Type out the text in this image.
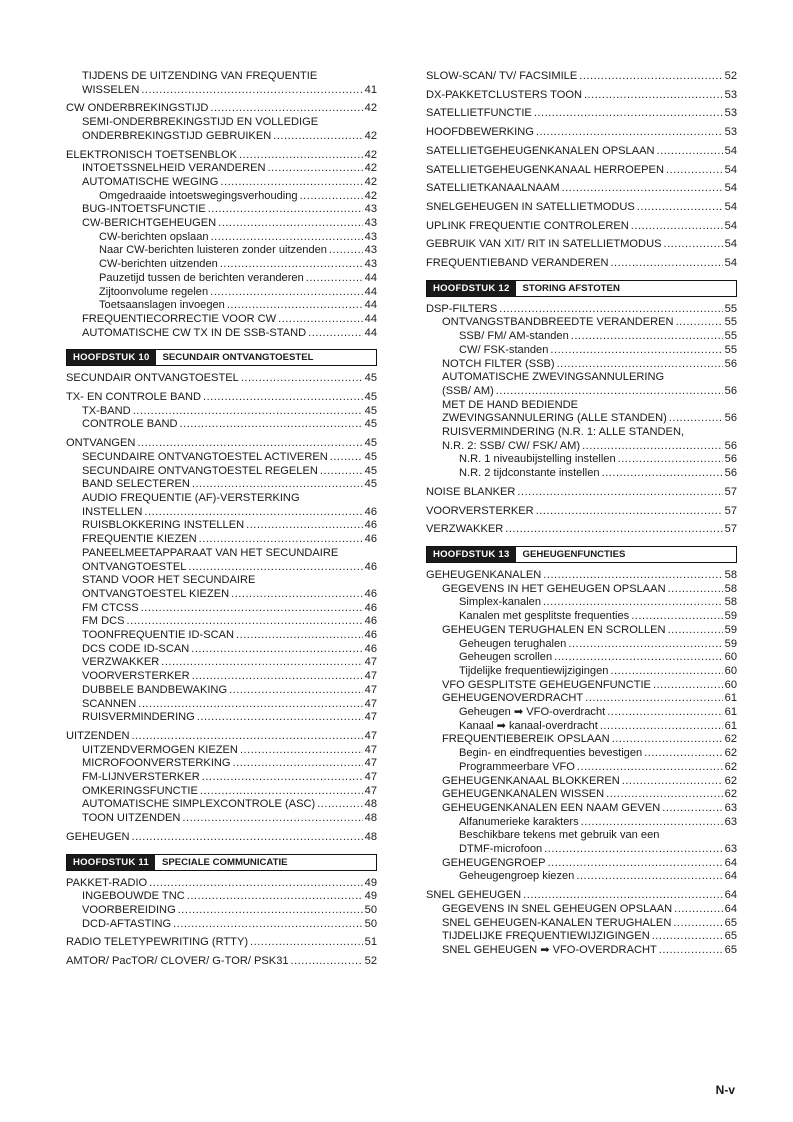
TIJDENS DE UITZENDING VAN FREQUENTIE
WISSELEN .....	41
CW ONDERBREKINGSTIJD .....	42
SEMI-ONDERBREKINGSTIJD EN VOLLEDIGE
ONDERBREKINGSTIJD GEBRUIKEN .....	42
ELEKTRONISCH TOETSENBLOK .....	42
INTOETSSNELHEID VERANDEREN .....	42
AUTOMATISCHE WEGING .....	42
Omgedraaide intoetswegingsverhouding .....	42
BUG-INTOETSFUNCTIE .....	43
CW-BERICHTGEHEUGEN .....	43
CW-berichten opslaan .....	43
Naar CW-berichten luisteren zonder uitzenden .....	43
CW-berichten uitzenden .....	43
Pauzetijd tussen de berichten veranderen .....	44
Zijtoonvolume regelen .....	44
Toetsaanslagen invoegen .....	44
FREQUENTIECORRECTIE VOOR CW .....	44
AUTOMATISCHE CW TX IN DE SSB-STAND .....	44
HOOFDSTUK 10	SECUNDAIR ONTVANGTOESTEL
SECUNDAIR ONTVANGTOESTEL .....	45
TX- EN CONTROLE BAND .....	45
TX-BAND .....	45
CONTROLE BAND .....	45
ONTVANGEN .....	45
SECUNDAIRE ONTVANGTOESTEL ACTIVEREN .....	45
SECUNDAIRE ONTVANGTOESTEL REGELEN .....	45
BAND SELECTEREN .....	45
AUDIO FREQUENTIE (AF)-VERSTERKING
INSTELLEN .....	46
RUISBLOKKERING INSTELLEN .....	46
FREQUENTIE KIEZEN .....	46
PANEELMEETAPPARAAT VAN HET SECUNDAIRE
ONTVANGTOESTEL .....	46
STAND VOOR HET SECUNDAIRE
ONTVANGTOESTEL KIEZEN .....	46
FM CTCSS .....	46
FM DCS .....	46
TOONFREQUENTIE ID-SCAN .....	46
DCS CODE ID-SCAN .....	46
VERZWAKKER .....	47
VOORVERSTERKER .....	47
DUBBELE BANDBEWAKING .....	47
SCANNEN .....	47
RUISVERMINDERING .....	47
UITZENDEN .....	47
UITZENDVERMOGEN KIEZEN .....	47
MICROFOONVERSTERKING .....	47
FM-LIJNVERSTERKER .....	47
OMKERINGSFUNCTIE .....	47
AUTOMATISCHE SIMPLEXCONTROLE (ASC) .....	48
TOON UITZENDEN .....	48
GEHEUGEN .....	48
HOOFDSTUK 11	SPECIALE COMMUNICATIE
PAKKET-RADIO .....	49
INGEBOUWDE TNC .....	49
VOORBEREIDING .....	50
DCD-AFTASTING .....	50
RADIO TELETYPEWRITING (RTTY) .....	51
AMTOR/ PacTOR/ CLOVER/ G-TOR/ PSK31 .....	52
SLOW-SCAN/ TV/ FACSIMILE .....	52
DX-PAKKETCLUSTERS TOON .....	53
SATELLIETFUNCTIE .....	53
HOOFDBEWERKING .....	53
SATELLIETGEHEUGENKANALEN OPSLAAN .....	54
SATELLIETGEHEUGENKANAAL HERROEPEN .....	54
SATELLIETKANAALNAAM .....	54
SNELGEHEUGEN IN SATELLIETMODUS .....	54
UPLINK FREQUENTIE CONTROLEREN .....	54
GEBRUIK VAN XIT/ RIT IN SATELLIETMODUS .....	54
FREQUENTIEBAND VERANDEREN .....	54
HOOFDSTUK 12	STORING AFSTOTEN
DSP-FILTERS .....	55
ONTVANGSTBANDBREEDTE VERANDEREN .....	55
SSB/ FM/ AM-standen .....	55
CW/ FSK-standen .....	55
NOTCH FILTER (SSB) .....	56
AUTOMATISCHE ZWEVINGSANNULERING
(SSB/ AM) .....	56
MET DE HAND BEDIENDE
ZWEVINGSANNULERING (ALLE STANDEN) .....	56
RUISVERMINDERING (N.R. 1: ALLE STANDEN,
N.R. 2: SSB/ CW/ FSK/ AM) .....	56
N.R. 1 niveaubijstelling instellen .....	56
N.R. 2 tijdconstante instellen .....	56
NOISE BLANKER .....	57
VOORVERSTERKER .....	57
VERZWAKKER .....	57
HOOFDSTUK 13	GEHEUGENFUNCTIES
GEHEUGENKANALEN .....	58
GEGEVENS IN HET GEHEUGEN OPSLAAN .....	58
Simplex-kanalen .....	58
Kanalen met gesplitste frequenties .....	59
GEHEUGEN TERUGHALEN EN SCROLLEN .....	59
Geheugen terughalen .....	59
Geheugen scrollen .....	60
Tijdelijke frequentiewijzigingen .....	60
VFO GESPLITSTE GEHEUGENFUNCTIE .....	60
GEHEUGENOVERDRACHT .....	61
Geheugen ➡ VFO-overdracht .....	61
Kanaal ➡ kanaal-overdracht .....	61
FREQUENTIEBEREIK OPSLAAN .....	62
Begin- en eindfrequenties bevestigen .....	62
Programmeerbare VFO .....	62
GEHEUGENKANAAL BLOKKEREN .....	62
GEHEUGENKANALEN WISSEN .....	62
GEHEUGENKANALEN EEN NAAM GEVEN .....	63
Alfanumerieke karakters .....	63
Beschikbare tekens met gebruik van een
DTMF-microfoon .....	63
GEHEUGENGROEP .....	64
Geheugengroep kiezen .....	64
SNEL GEHEUGEN .....	64
GEGEVENS IN SNEL GEHEUGEN OPSLAAN .....	64
SNEL GEHEUGEN-KANALEN TERUGHALEN .....	65
TIJDELIJKE FREQUENTIEWIJZIGINGEN .....	65
SNEL GEHEUGEN ➡ VFO-OVERDRACHT .....	65
N-v
